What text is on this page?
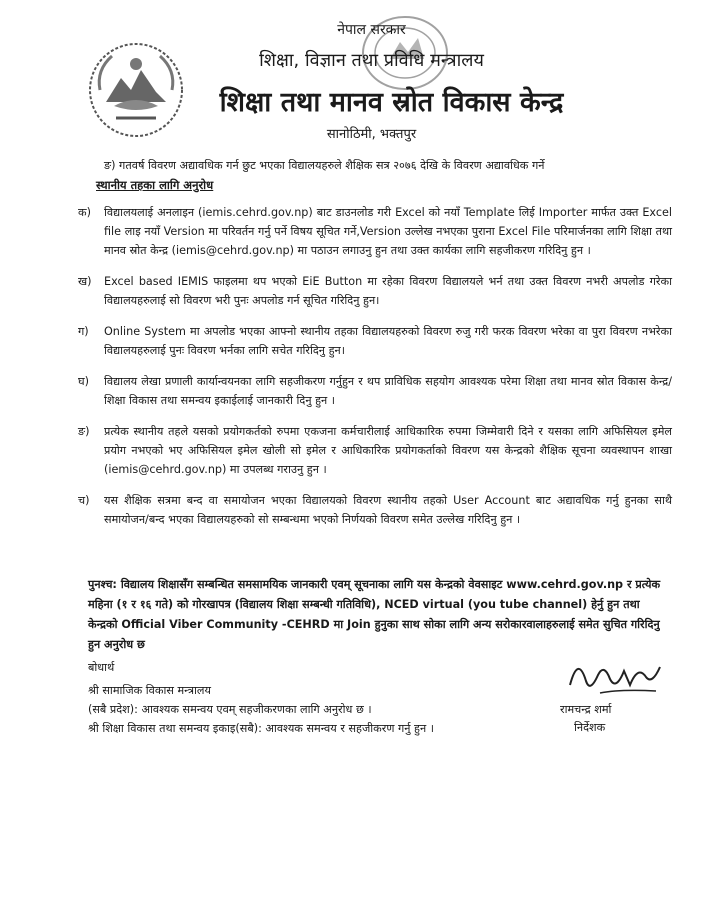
नेपाल सरकार
शिक्षा, विज्ञान तथा प्रविधि मन्त्रालय
शिक्षा तथा मानव स्रोत विकास केन्द्र
सानोठिमी, भक्तपुर
ङ) गतवर्ष विवरण अद्यावधिक गर्न छुट भएका विद्यालयहरुले शैक्षिक सत्र २०७६ देखि के विवरण अद्यावधिक गर्ने
स्थानीय तहका लागि अनुरोध
क)	विद्यालयलाई अनलाइन (iemis.cehrd.gov.np) बाट डाउनलोड गरी Excel को नयाँ Template लिई Importer मार्फत उक्त Excel file लाइ नयाँ Version मा परिवर्तन गर्नु पर्ने विषय सूचित गर्ने,Version उल्लेख नभएका पुराना Excel File परिमार्जनका लागि शिक्षा तथा मानव स्रोत केन्द्र (iemis@cehrd.gov.np) मा पठाउन लगाउनु हुन तथा उक्त कार्यका लागि सहजीकरण गरिदिनु हुन ।
ख)	Excel based IEMIS फाइलमा थप भएको EiE Button मा रहेका विवरण विद्यालयले भर्न तथा उक्त विवरण नभरी अपलोड गरेका विद्यालयहरुलाई सो विवरण भरी पुनः अपलोड गर्न सूचित गरिदिनु हुन।
ग)	Online System मा अपलोड भएका आफ्नो स्थानीय तहका विद्यालयहरुको विवरण रुजु गरी फरक विवरण भरेका वा पुरा विवरण नभरेका विद्यालयहरुलाई पुनः विवरण भर्नका लागि सचेत गरिदिनु हुन।
घ)	विद्यालय लेखा प्रणाली कार्यान्वयनका लागि सहजीकरण गर्नुहुन र थप प्राविधिक सहयोग आवश्यक परेमा शिक्षा तथा मानव स्रोत विकास केन्द्र/शिक्षा विकास तथा समन्वय इकाईलाई जानकारी दिनु हुन ।
ङ)	प्रत्येक स्थानीय तहले यसको प्रयोगकर्तको रुपमा एकजना कर्मचारीलाई आधिकारिक रुपमा जिम्मेवारी दिने र यसका लागि अफिसियल इमेल प्रयोग नभएको भए अफिसियल इमेल खोली सो इमेल र आधिकारिक प्रयोगकर्ताको विवरण यस केन्द्रको शैक्षिक सूचना व्यवस्थापन शाखा (iemis@cehrd.gov.np) मा उपलब्ध गराउनु हुन ।
च)	यस शैक्षिक सत्रमा बन्द वा समायोजन भएका विद्यालयको विवरण स्थानीय तहको User Account बाट अद्यावधिक गर्नु हुनका साथै समायोजन/बन्द भएका विद्यालयहरुको सो सम्बन्धमा भएको निर्णयको विवरण समेत उल्लेख गरिदिनु हुन ।
पुनश्च: विद्यालय शिक्षासँग सम्बन्धित समसामयिक जानकारी एवम् सूचनाका लागि यस केन्द्रको वेवसाइट www.cehrd.gov.np र प्रत्येक महिना (१ र १६ गते) को गोरखापत्र (विद्यालय शिक्षा सम्बन्धी गतिविधि), NCED virtual (you tube channel) हेर्नु हुन तथा केन्द्रको Official Viber Community -CEHRD मा Join हुनुका साथ सोका लागि अन्य सरोकारवालाहरुलाई समेत सुचित गरिदिनु हुन अनुरोध छ
बोधार्थ
श्री सामाजिक विकास मन्त्रालय
(सबै प्रदेश): आवश्यक समन्वय एवम् सहजीकरणका लागि अनुरोध छ ।
श्री शिक्षा विकास तथा समन्वय इकाइ(सबै): आवश्यक समन्वय र सहजीकरण गर्नु हुन ।
रामचन्द्र शर्मा
निर्देशक
